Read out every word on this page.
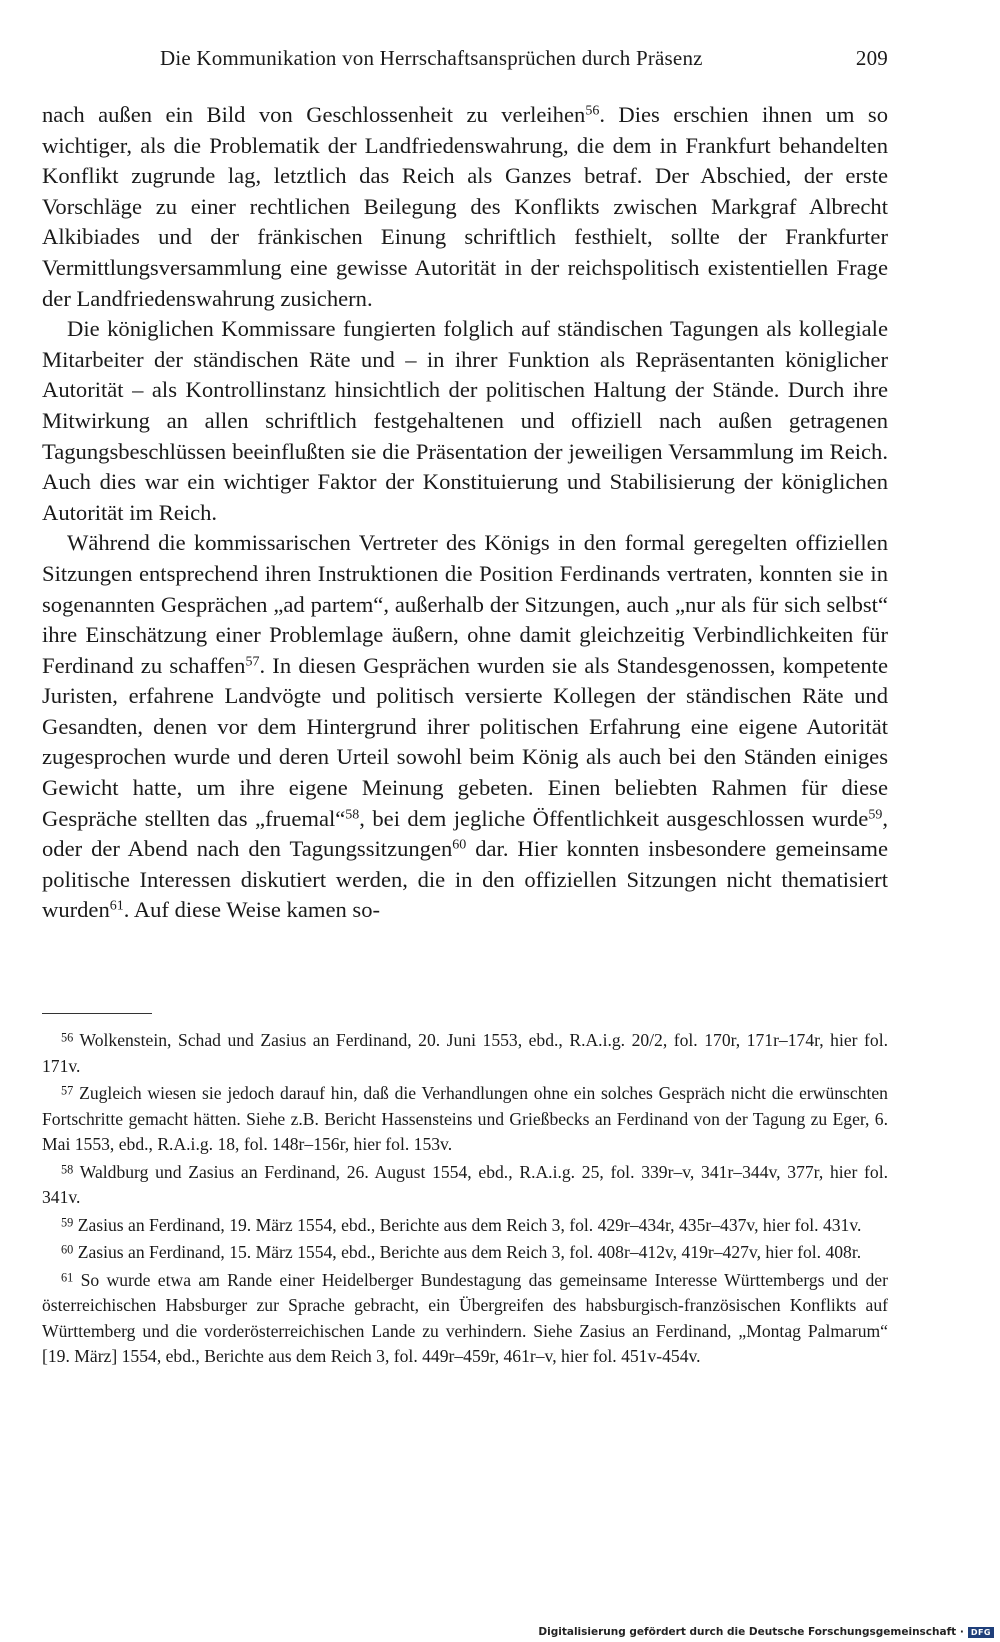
Die Kommunikation von Herrschaftsansprüchen durch Präsenz	209

nach außen ein Bild von Geschlossenheit zu verleihen$^{56}$. Dies erschien ihnen um so wichtiger, als die Problematik der Landfriedenswahrung, die dem in Frankfurt behandelten Konflikt zugrunde lag, letztlich das Reich als Ganzes betraf. Der Abschied, der erste Vorschläge zu einer rechtlichen Beilegung des Konflikts zwischen Markgraf Albrecht Alkibiades und der fränkischen Einung schriftlich festhielt, sollte der Frankfurter Vermittlungsversammlung eine gewisse Autorität in der reichspolitisch existentiellen Frage der Landfriedenswahrung zusichern.

Die königlichen Kommissare fungierten folglich auf ständischen Tagungen als kollegiale Mitarbeiter der ständischen Räte und – in ihrer Funktion als Repräsentanten königlicher Autorität – als Kontrollinstanz hinsichtlich der politischen Haltung der Stände. Durch ihre Mitwirkung an allen schriftlich festgehaltenen und offiziell nach außen getragenen Tagungsbeschlüssen beeinflußten sie die Präsentation der jeweiligen Versammlung im Reich. Auch dies war ein wichtiger Faktor der Konstituierung und Stabilisierung der königlichen Autorität im Reich.

Während die kommissarischen Vertreter des Königs in den formal geregelten offiziellen Sitzungen entsprechend ihren Instruktionen die Position Ferdinands vertraten, konnten sie in sogenannten Gesprächen „ad partem“, außerhalb der Sitzungen, auch „nur als für sich selbst“ ihre Einschätzung einer Problemlage äußern, ohne damit gleichzeitig Verbindlichkeiten für Ferdinand zu schaffen$^{57}$. In diesen Gesprächen wurden sie als Standesgenossen, kompetente Juristen, erfahrene Landvögte und politisch versierte Kollegen der ständischen Räte und Gesandten, denen vor dem Hintergrund ihrer politischen Erfahrung eine eigene Autorität zugesprochen wurde und deren Urteil sowohl beim König als auch bei den Ständen einiges Gewicht hatte, um ihre eigene Meinung gebeten. Einen beliebten Rahmen für diese Gespräche stellten das „fruemal“$^{58}$, bei dem jegliche Öffentlichkeit ausgeschlossen wurde$^{59}$, oder der Abend nach den Tagungssitzungen$^{60}$ dar. Hier konnten insbesondere gemeinsame politische Interessen diskutiert werden, die in den offiziellen Sitzungen nicht thematisiert wurden$^{61}$. Auf diese Weise kamen so-

$^{56}$ Wolkenstein, Schad und Zasius an Ferdinand, 20. Juni 1553, ebd., R.A.i.g. 20/2, fol. 170r, 171r–174r, hier fol. 171v.

$^{57}$ Zugleich wiesen sie jedoch darauf hin, daß die Verhandlungen ohne ein solches Gespräch nicht die erwünschten Fortschritte gemacht hätten. Siehe z.B. Bericht Hassensteins und Grießbecks an Ferdinand von der Tagung zu Eger, 6. Mai 1553, ebd., R.A.i.g. 18, fol. 148r–156r, hier fol. 153v.

$^{58}$ Waldburg und Zasius an Ferdinand, 26. August 1554, ebd., R.A.i.g. 25, fol. 339r–v, 341r–344v, 377r, hier fol. 341v.

$^{59}$ Zasius an Ferdinand, 19. März 1554, ebd., Berichte aus dem Reich 3, fol. 429r–434r, 435r–437v, hier fol. 431v.

$^{60}$ Zasius an Ferdinand, 15. März 1554, ebd., Berichte aus dem Reich 3, fol. 408r–412v, 419r–427v, hier fol. 408r.

$^{61}$ So wurde etwa am Rande einer Heidelberger Bundestagung das gemeinsame Interesse Württembergs und der österreichischen Habsburger zur Sprache gebracht, ein Übergreifen des habsburgisch-französischen Konflikts auf Württemberg und die vorderösterreichischen Lande zu verhindern. Siehe Zasius an Ferdinand, „Montag Palmarum“ [19. März] 1554, ebd., Berichte aus dem Reich 3, fol. 449r–459r, 461r–v, hier fol. 451v-454v.

Digitalisierung gefördert durch die Deutsche Forschungsgemeinschaft · DFG
